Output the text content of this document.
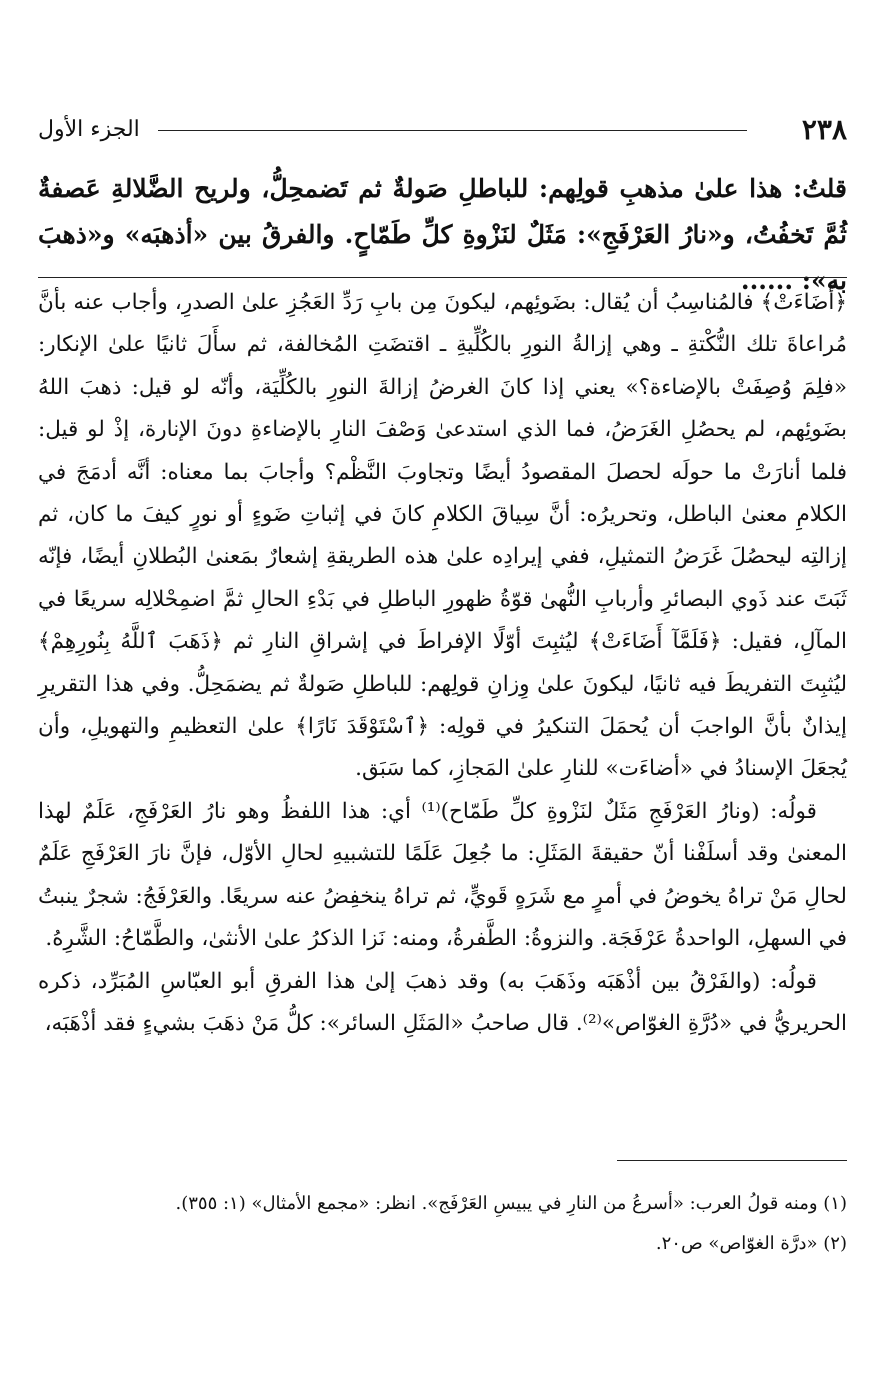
٢٣٨
الجزء الأول
قلتُ: هذا علىٰ مذهبِ قولِهم: للباطلِ صَولةٌ ثم تَضمحِلُّ، ولريح الضَّلالةِ عَصفةٌ ثُمَّ تَخفُتُ، و«نارُ العَرْفَجِ»: مَثَلٌ لنَزْوةِ كلِّ طَمّاحٍ. والفرقُ بين «أذهبَه» و«ذهبَ به»: ......

﴿أَضَاءَتْ﴾ فالمُناسِبُ أن يُقال: بضَوئِهم، ليكونَ مِن بابِ رَدِّ العَجُزِ علىٰ الصدرِ، وأجاب عنه بأنَّ مُراعاةَ تلك النُّكْتةِ ـ وهي إزالةُ النورِ بالكُلِّيةِ ـ اقتضَتِ المُخالفة، ثم سأَلَ ثانيًا علىٰ الإنكار: «فلِمَ وُصِفَتْ بالإضاءة؟» يعني إذا كانَ الغرضُ إزالةَ النورِ بالكُلِّيَة، وأنّه لو قيل: ذهبَ اللهُ بضَوئِهم، لم يحصُلِ الغَرَضُ، فما الذي استدعىٰ وَصْفَ النارِ بالإضاءةِ دونَ الإنارة، إذْ لو قيل: فلما أنارَتْ ما حولَه لحصلَ المقصودُ أيضًا وتجاوبَ النَّظْم؟ وأجابَ بما معناه: أنَّه أدمَجَ في الكلامِ معنىٰ الباطل، وتحريرُه: أنَّ سِياقَ الكلامِ كانَ في إثباتِ ضَوءٍ أو نورٍ كيفَ ما كان، ثم إزالتِه ليحصُلَ غَرَضُ التمثيلِ، ففي إيرادِه علىٰ هذه الطريقةِ إشعارٌ بمَعنىٰ البُطلانِ أيضًا، فإنّه ثَبَتَ عند ذَوي البصائرِ وأربابِ النُّهىٰ قوّةُ ظهورِ الباطلِ في بَدْءِ الحالِ ثمَّ اضمِحْلالِه سريعًا في المآلِ، فقيل: ﴿فَلَمَّآ أَضَاءَتْ﴾ ليُثبِتَ أوّلًا الإفراطَ في إشراقِ النارِ ثم ﴿ذَهَبَ ٱللَّهُ بِنُورِهِمْ﴾ ليُثبِتَ التفريطَ فيه ثانيًا، ليكونَ علىٰ وِزانِ قولِهم: للباطلِ صَولةٌ ثم يضمَحِلُّ. وفي هذا التقريرِ إيذانٌ بأنَّ الواجبَ أن يُحمَلَ التنكيرُ في قولِه: ﴿ٱسْتَوْقَدَ نَارًا﴾ علىٰ التعظيمِ والتهويلِ، وأن يُجعَلَ الإسنادُ في «أضاءَت» للنارِ علىٰ المَجازِ، كما سَبَق.

قولُه: (ونارُ العَرْفَجِ مَثَلٌ لنَزْوةِ كلِّ طَمّاح)⁽¹⁾ أي: هذا اللفظُ وهو نارُ العَرْفَجِ، عَلَمٌ لهذا المعنىٰ وقد أسلَفْنا أنّ حقيقةَ المَثَلِ: ما جُعِلَ عَلَمًا للتشبيهِ لحالِ الأوّل، فإنَّ نارَ العَرْفَجِ عَلَمٌ لحالِ مَنْ تراهُ يخوضُ في أمرٍ مع شَرَهٍ قَويٍّ، ثم تراهُ ينخفِضُ عنه سريعًا. والعَرْفَجُ: شجرٌ ينبتُ في السهلِ، الواحدةُ عَرْفَجَة. والنزوةُ: الطَّفرةُ، ومنه: نَزا الذكرُ علىٰ الأنثىٰ، والطَّمّاحُ: الشَّرِهُ.

قولُه: (والفَرْقُ بين أذْهَبَه وذَهَبَ به) وقد ذهبَ إلىٰ هذا الفرقِ أبو العبّاسِ المُبَرِّد، ذكره الحريريُّ في «دُرَّةِ الغوّاص»⁽²⁾. قال صاحبُ «المَثَلِ السائر»: كلُّ مَنْ ذهَبَ بشيءٍ فقد أذْهَبَه،

(١) ومنه قولُ العرب: «أسرعُ من النارِ في يبيسِ العَرْفَج». انظر: «مجمع الأمثال» (١: ٣٥٥).

(٢) «درَّة الغوّاص» ص٢٠.
